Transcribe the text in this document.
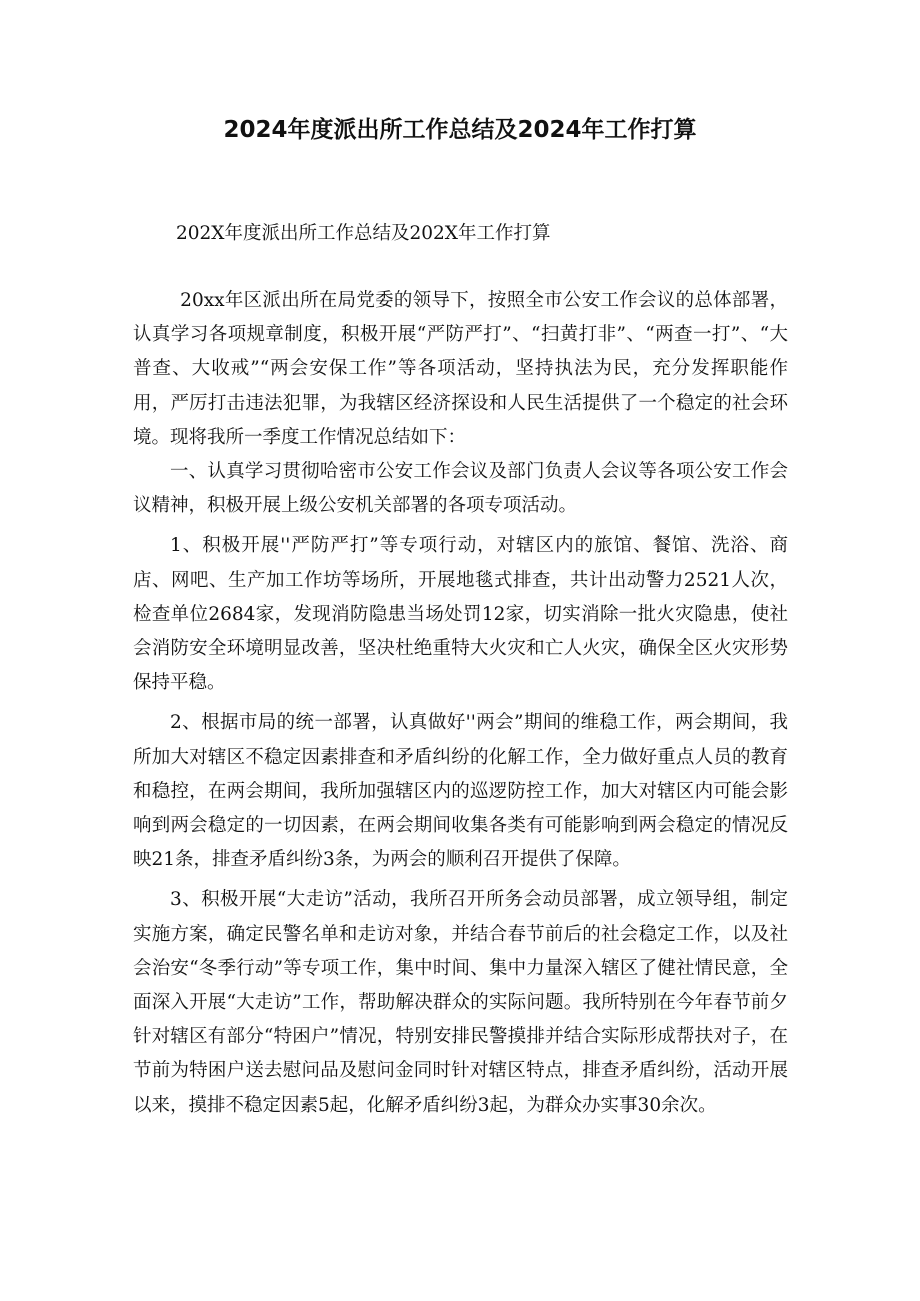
2024年度派出所工作总结及2024年工作打算

202X年度派出所工作总结及202X年工作打算

20xx年区派出所在局党委的领导下，按照全市公安工作会议的总体部署，认真学习各项规章制度，积极开展“严防严打”、“扫黄打非”、“两查一打”、“大普查、大收戒”“两会安保工作”等各项活动，坚持执法为民，充分发挥职能作用，严厉打击违法犯罪，为我辖区经济探设和人民生活提供了一个稳定的社会环境。现将我所一季度工作情况总结如下：

一、认真学习贯彻哈密市公安工作会议及部门负责人会议等各项公安工作会议精神，积极开展上级公安机关部署的各项专项活动。

1、积极开展''严防严打”等专项行动，对辖区内的旅馆、餐馆、洗浴、商店、网吧、生产加工作坊等场所，开展地毯式排查，共计出动警力2521人次，检查单位2684家，发现消防隐患当场处罚12家，切实消除一批火灾隐患，使社会消防安全环境明显改善，坚决杜绝重特大火灾和亡人火灾，确保全区火灾形势保持平稳。

2、根据市局的统一部署，认真做好''两会”期间的维稳工作，两会期间，我所加大对辖区不稳定因素排查和矛盾纠纷的化解工作，全力做好重点人员的教育和稳控，在两会期间，我所加强辖区内的巡逻防控工作，加大对辖区内可能会影响到两会稳定的一切因素，在两会期间收集各类有可能影响到两会稳定的情况反映21条，排查矛盾纠纷3条，为两会的顺利召开提供了保障。

3、积极开展“大走访”活动，我所召开所务会动员部署，成立领导组，制定实施方案，确定民警名单和走访对象，并结合春节前后的社会稳定工作，以及社会治安“冬季行动”等专项工作，集中时间、集中力量深入辖区了健社情民意，全面深入开展“大走访”工作，帮助解决群众的实际问题。我所特别在今年春节前夕针对辖区有部分“特困户”情况，特别安排民警摸排并结合实际形成帮扶对子，在节前为特困户送去慰问品及慰问金同时针对辖区特点，排查矛盾纠纷，活动开展以来，摸排不稳定因素5起，化解矛盾纠纷3起，为群众办实事30余次。
